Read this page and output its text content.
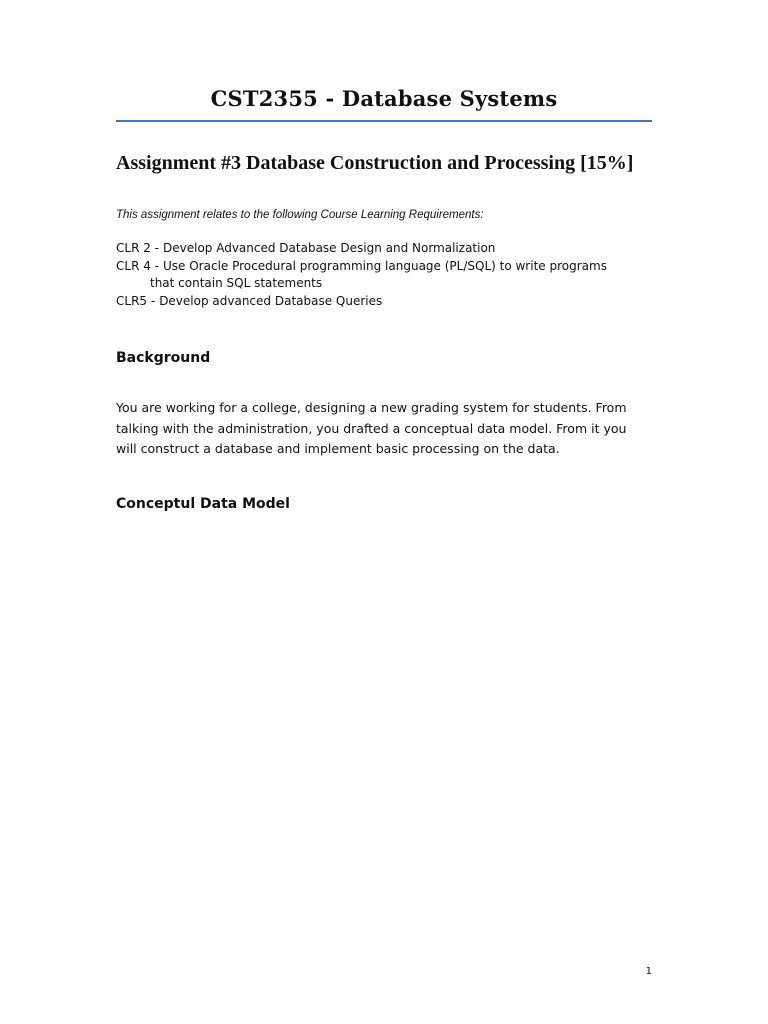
CST2355 - Database Systems
Assignment #3 Database Construction and Processing [15%]

This assignment relates to the following Course Learning Requirements:

CLR 2 - Develop Advanced Database Design and Normalization
CLR 4 - Use Oracle Procedural programming language (PL/SQL) to write programs
that contain SQL statements
CLR5 - Develop advanced Database Queries
Background

You are working for a college, designing a new grading system for students. From
talking with the administration, you drafted a conceptual data model. From it you
will construct a database and implement basic processing on the data.

Conceptul Data Model
1
